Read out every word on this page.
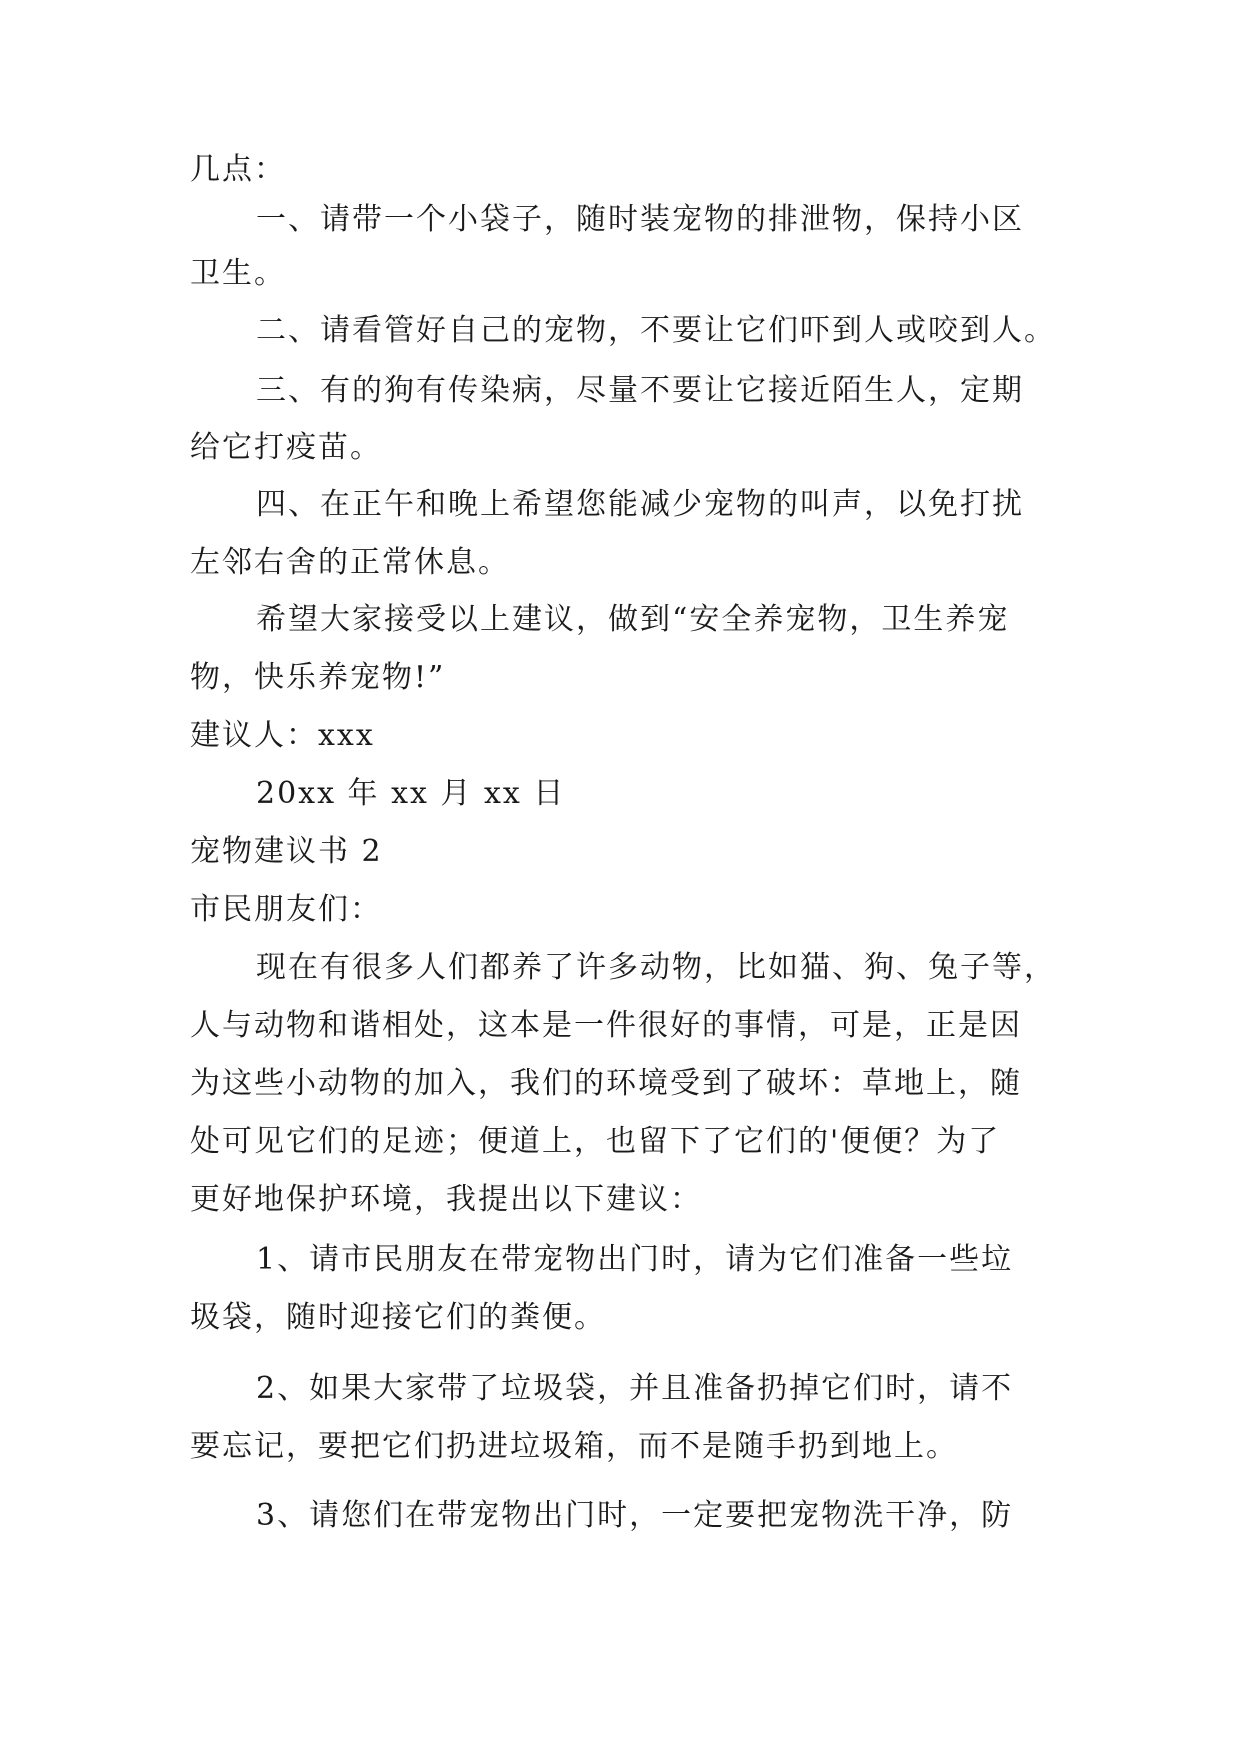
几点：
一、请带一个小袋子，随时装宠物的排泄物，保持小区
卫生。
二、请看管好自己的宠物，不要让它们吓到人或咬到人。
三、有的狗有传染病，尽量不要让它接近陌生人，定期
给它打疫苗。
四、在正午和晚上希望您能减少宠物的叫声，以免打扰
左邻右舍的正常休息。
希望大家接受以上建议，做到“安全养宠物，卫生养宠
物，快乐养宠物!”
建议人：xxx
20xx 年 xx 月 xx 日
宠物建议书 2
市民朋友们：
现在有很多人们都养了许多动物，比如猫、狗、兔子等，
人与动物和谐相处，这本是一件很好的事情，可是，正是因
为这些小动物的加入，我们的环境受到了破坏：草地上，随
处可见它们的足迹；便道上，也留下了它们的'便便？为了
更好地保护环境，我提出以下建议：
1、请市民朋友在带宠物出门时，请为它们准备一些垃
圾袋，随时迎接它们的粪便。
2、如果大家带了垃圾袋，并且准备扔掉它们时，请不
要忘记，要把它们扔进垃圾箱，而不是随手扔到地上。
3、请您们在带宠物出门时，一定要把宠物洗干净，防
